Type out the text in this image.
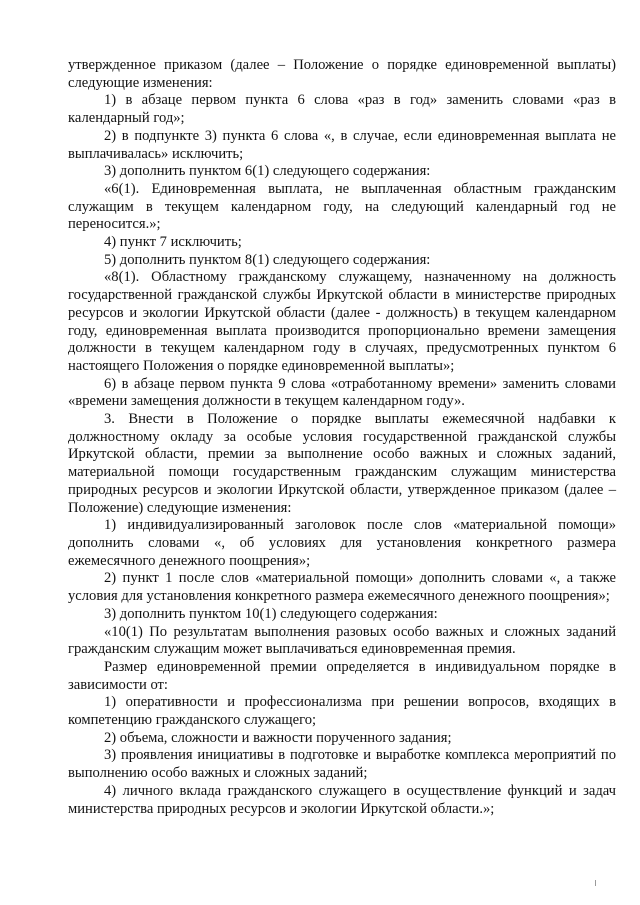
утвержденное приказом (далее – Положение о порядке единовременной выплаты) следующие изменения:

1) в абзаце первом пункта 6 слова «раз в год» заменить словами «раз в календарный год»;

2) в подпункте 3) пункта 6 слова «, в случае, если единовременная выплата не выплачивалась» исключить;

3) дополнить пунктом 6(1) следующего содержания:

«6(1). Единовременная выплата, не выплаченная областным гражданским служащим в текущем календарном году, на следующий календарный год не переносится.»;

4) пункт 7 исключить;

5) дополнить пунктом 8(1) следующего содержания:

«8(1). Областному гражданскому служащему, назначенному на должность государственной гражданской службы Иркутской области в министерстве природных ресурсов и экологии Иркутской области (далее - должность) в текущем календарном году, единовременная выплата производится пропорционально времени замещения должности в текущем календарном году в случаях, предусмотренных пунктом 6 настоящего Положения о порядке единовременной выплаты»;

6) в абзаце первом пункта 9 слова «отработанному времени» заменить словами «времени замещения должности в текущем календарном году».

3. Внести в Положение о порядке выплаты ежемесячной надбавки к должностному окладу за особые условия государственной гражданской службы Иркутской области, премии за выполнение особо важных и сложных заданий, материальной помощи государственным гражданским служащим министерства природных ресурсов и экологии Иркутской области, утвержденное приказом (далее – Положение) следующие изменения:

1) индивидуализированный заголовок после слов «материальной помощи» дополнить словами «, об условиях для установления конкретного размера ежемесячного денежного поощрения»;

2) пункт 1 после слов «материальной помощи» дополнить словами «, а также условия для установления конкретного размера ежемесячного денежного поощрения»;

3) дополнить пунктом 10(1) следующего содержания:

«10(1) По результатам выполнения разовых особо важных и сложных заданий гражданским служащим может выплачиваться единовременная премия.

Размер единовременной премии определяется в индивидуальном порядке в зависимости от:

1) оперативности и профессионализма при решении вопросов, входящих в компетенцию гражданского служащего;

2) объема, сложности и важности порученного задания;

3) проявления инициативы в подготовке и выработке комплекса мероприятий по выполнению особо важных и сложных заданий;

4) личного вклада гражданского служащего в осуществление функций и задач министерства природных ресурсов и экологии Иркутской области.»;
